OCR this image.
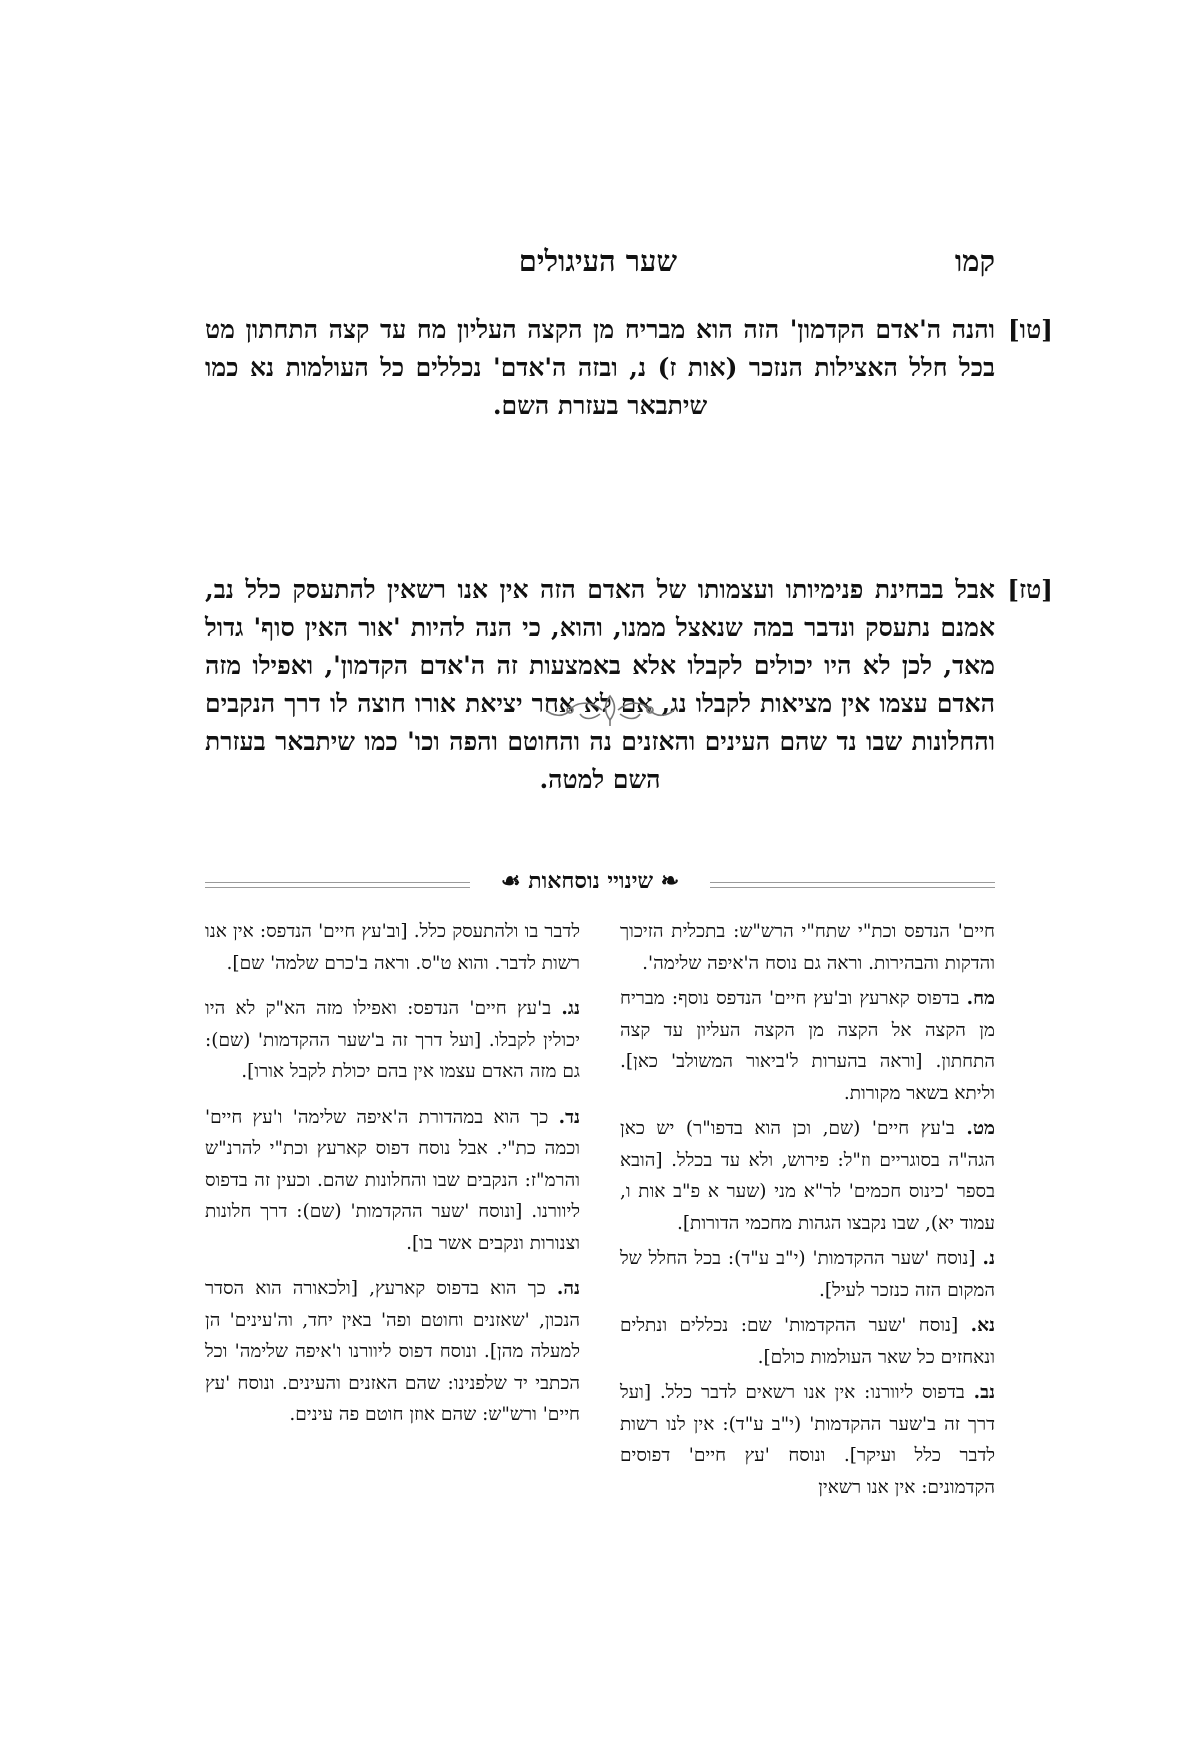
שער העיגולים	קמו
[טו]
והנה ה'אדם הקדמון' הזה הוא מבריח מן הקצה העליון מח עד קצה התחתון מט בכל חלל האצילות הנזכר (אות ז) נ, ובזה ה'אדם' נכללים כל העולמות נא כמו שיתבאר בעזרת השם.
[טז]
אבל בבחינת פנימיותו ועצמותו של האדם הזה אין אנו רשאין להתעסק כלל נב, אמנם נתעסק ונדבר במה שנאצל ממנו, והוא, כי הנה להיות 'אור האין סוף' גדול מאד, לכן לא היו יכולים לקבלו אלא באמצעות זה ה'אדם הקדמון', ואפילו מזה האדם עצמו אין מציאות לקבלו נג, אם לא אחר יציאת אורו חוצה לו דרך הנקבים והחלונות שבו נד שהם העינים והאזנים נה והחוטם והפה וכו' כמו שיתבאר בעזרת השם למטה.
❧ שינויי נוסחאות ☙

חיים' הנדפס וכת"י שתח"י הרש"ש: בתכלית הזיכוך והדקות והבהירות. וראה גם נוסח ה'איפה שלימה'.

מח. בדפוס קארעץ וב'עץ חיים' הנדפס נוסף: מבריח מן הקצה אל הקצה מן הקצה העליון עד קצה התחתון. [וראה בהערות ל'ביאור המשולב' כאן]. וליתא בשאר מקורות.

מט. ב'עץ חיים' (שם, וכן הוא בדפו"ר) יש כאן הגה"ה בסוגריים וז"ל: פירוש, ולא עד בכלל. [הובא בספר 'כינוס חכמים' לר"א מני (שער א פ"ב אות ו, עמוד יא), שבו נקבצו הגהות מחכמי הדורות].

נ. [נוסח 'שער ההקדמות' (י"ב ע"ד): בכל החלל של המקום הזה כנזכר לעיל].

נא. [נוסח 'שער ההקדמות' שם: נכללים ונתלים ונאחזים כל שאר העולמות כולם].

נב. בדפוס ליוורנו: אין אנו רשאים לדבר כלל. [ועל דרך זה ב'שער ההקדמות' (י"ב ע"ד): אין לנו רשות לדבר כלל ועיקר]. ונוסח 'עץ חיים' דפוסים הקדמונים: אין אנו רשאין

לדבר בו ולהתעסק כלל. [וב'עץ חיים' הנדפס: אין אנו רשות לדבר. והוא ט"ס. וראה ב'כרם שלמה' שם].

נג. ב'עץ חיים' הנדפס: ואפילו מזה הא"ק לא היו יכולין לקבלו. [ועל דרך זה ב'שער ההקדמות' (שם): גם מזה האדם עצמו אין בהם יכולת לקבל אורו].

נד. כך הוא במהדורת ה'איפה שלימה' ו'עץ חיים' וכמה כת"י. אבל נוסח דפוס קארעץ וכת"י להרנ"ש והרמ"ז: הנקבים שבו והחלונות שהם. וכעין זה בדפוס ליוורנו. [ונוסח 'שער ההקדמות' (שם): דרך חלונות וצנורות ונקבים אשר בו].

נה. כך הוא בדפוס קארעץ, [ולכאורה הוא הסדר הנכון, 'שאזנים וחוטם ופה' באין יחד, וה'עינים' הן למעלה מהן]. ונוסח דפוס ליוורנו ו'איפה שלימה' וכל הכתבי יד שלפנינו: שהם האזנים והעינים. ונוסח 'עץ חיים' ורש"ש: שהם אוזן חוטם פה עינים.
